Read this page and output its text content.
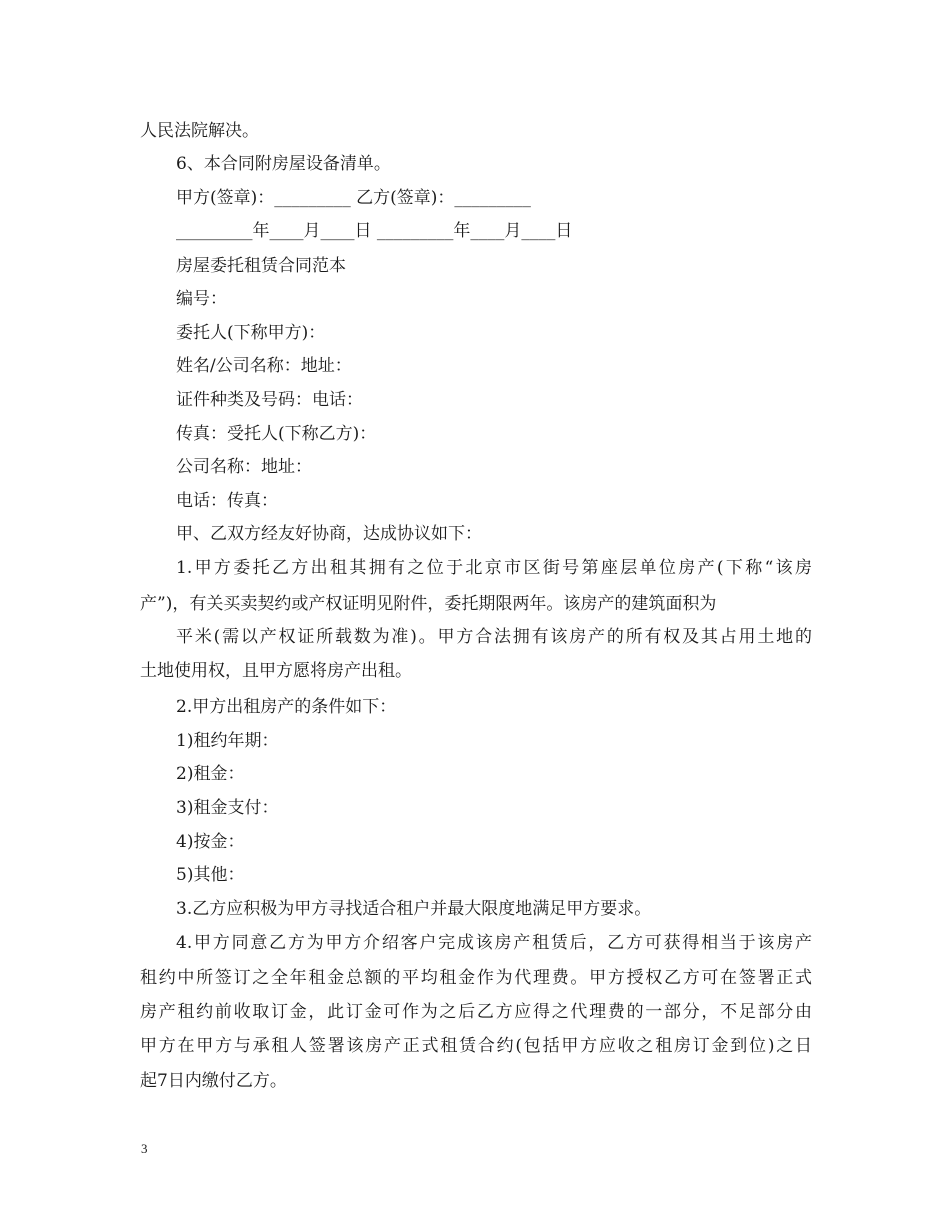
人民法院解决。
6、本合同附房屋设备清单。
甲方(签章)：_________ 乙方(签章)：_________
_________年____月____日 _________年____月____日
房屋委托租赁合同范本
编号：
委托人(下称甲方)：
姓名/公司名称：地址：
证件种类及号码：电话：
传真：受托人(下称乙方)：
公司名称：地址：
电话：传真：
甲、乙双方经友好协商，达成协议如下：
1.甲方委托乙方出租其拥有之位于北京市区街号第座层单位房产(下称“该房
产”)，有关买卖契约或产权证明见附件，委托期限两年。该房产的建筑面积为
平米(需以产权证所载数为准)。甲方合法拥有该房产的所有权及其占用土地的
土地使用权，且甲方愿将房产出租。
2.甲方出租房产的条件如下：
1)租约年期：
2)租金：
3)租金支付：
4)按金：
5)其他：
3.乙方应积极为甲方寻找适合租户并最大限度地满足甲方要求。
4.甲方同意乙方为甲方介绍客户完成该房产租赁后，乙方可获得相当于该房产
租约中所签订之全年租金总额的平均租金作为代理费。甲方授权乙方可在签署正式
房产租约前收取订金，此订金可作为之后乙方应得之代理费的一部分，不足部分由
甲方在甲方与承租人签署该房产正式租赁合约(包括甲方应收之租房订金到位)之日
起7日内缴付乙方。
3
